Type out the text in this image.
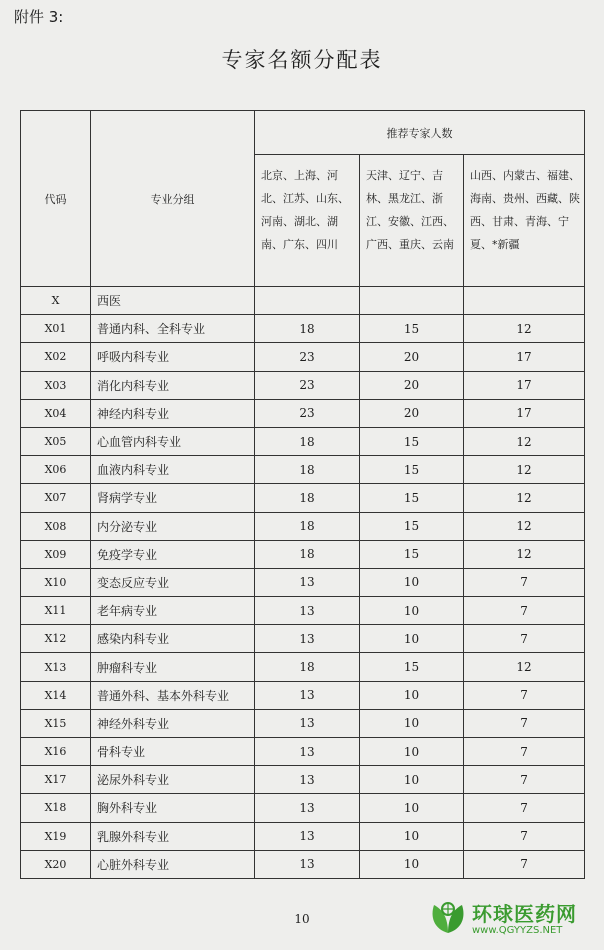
附件 3:
专家名额分配表
代码	专业分组	推荐专家人数		
		北京、上海、河北、江苏、山东、河南、湖北、湖南、广东、四川	天津、辽宁、吉林、黑龙江、浙江、安徽、江西、广西、重庆、云南	山西、内蒙古、福建、海南、贵州、西藏、陕西、甘肃、青海、宁夏、*新疆
X	西医			
X01	普通内科、全科专业	18	15	12
X02	呼吸内科专业	23	20	17
X03	消化内科专业	23	20	17
X04	神经内科专业	23	20	17
X05	心血管内科专业	18	15	12
X06	血液内科专业	18	15	12
X07	肾病学专业	18	15	12
X08	内分泌专业	18	15	12
X09	免疫学专业	18	15	12
X10	变态反应专业	13	10	7
X11	老年病专业	13	10	7
X12	感染内科专业	13	10	7
X13	肿瘤科专业	18	15	12
X14	普通外科、基本外科专业	13	10	7
X15	神经外科专业	13	10	7
X16	骨科专业	13	10	7
X17	泌尿外科专业	13	10	7
X18	胸外科专业	13	10	7
X19	乳腺外科专业	13	10	7
X20	心脏外科专业	13	10	7
10	环球医药网
www.QGYYZS.NET
